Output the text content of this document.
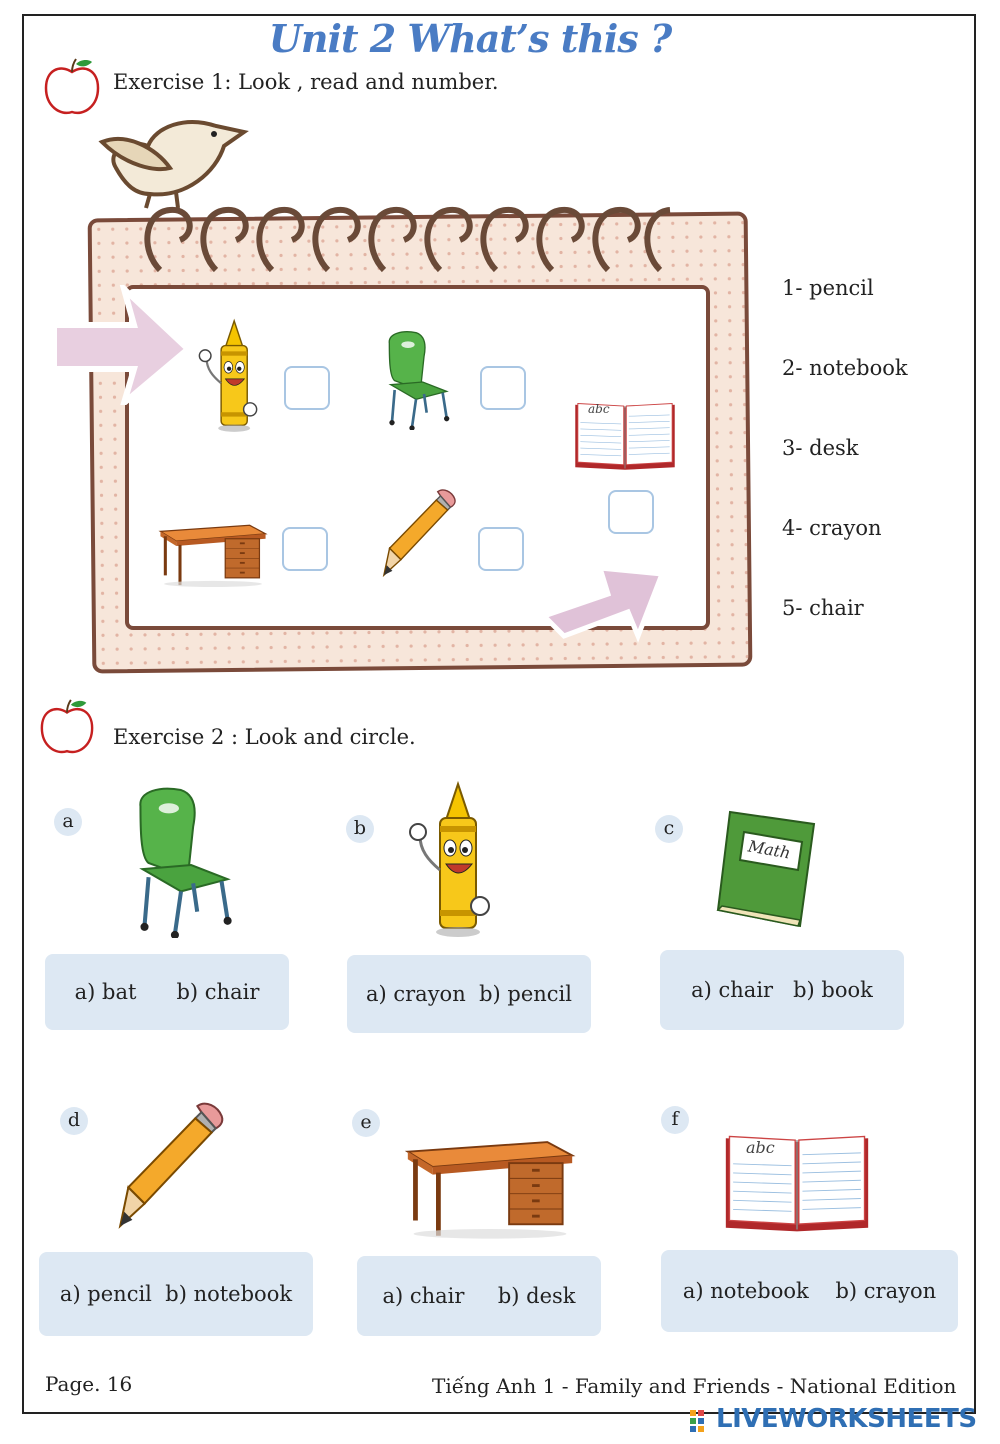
Unit 2 What’s this ?
Exercise 1: Look , read and number.
abc
1- pencil
2- notebook
3- desk
4- crayon
5- chair
Exercise 2 : Look and circle.
a
a) bat
b) chair
b
a) crayon
b) pencil
c
Math
a) chair
b) book
d
a) pencil
b) notebook
e
a) chair
b) desk
f
abc
a) notebook
b) crayon
Page. 16	Tiếng Anh 1 - Family and Friends - National Edition
LIVEWORKSHEETS
